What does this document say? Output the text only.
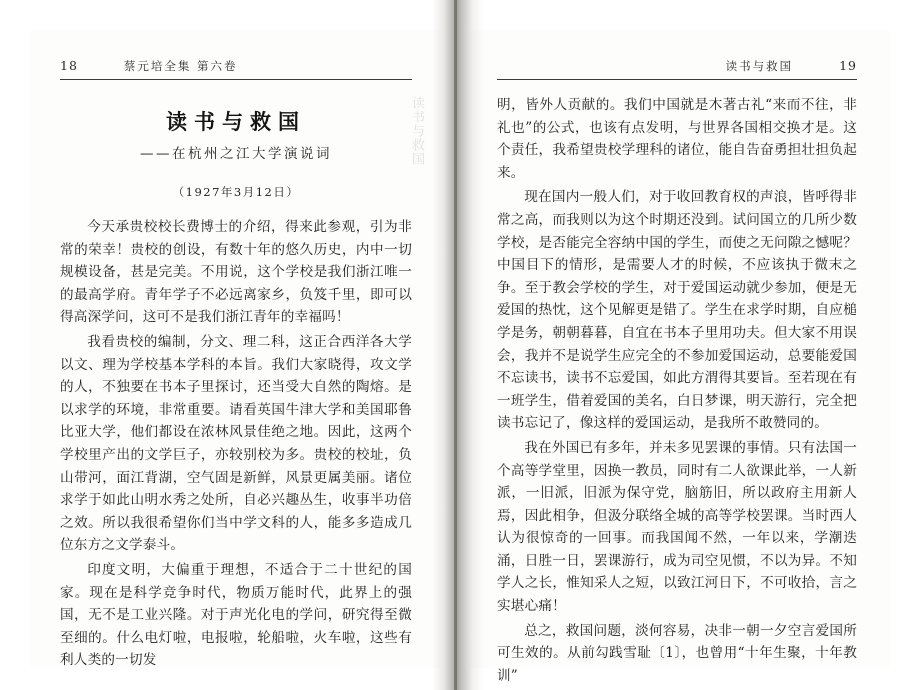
读书与救国
18	蔡元培全集 第六卷
读书与救国
——在杭州之江大学演说词
（1927年3月12日）

今天承贵校校长费博士的介绍，得来此参观，引为非常的荣幸！贵校的创设，有数十年的悠久历史，内中一切规模设备，甚是完美。不用说，这个学校是我们浙江唯一的最高学府。青年学子不必远离家乡，负笈千里，即可以得高深学问，这可不是我们浙江青年的幸福吗！

我看贵校的编制，分文、理二科，这正合西洋各大学以文、理为学校基本学科的本旨。我们大家晓得，攻文学的人，不独要在书本子里探讨，还当受大自然的陶熔。是以求学的环境，非常重要。请看英国牛津大学和美国耶鲁比亚大学，他们都设在浓林风景佳绝之地。因此，这两个学校里产出的文学巨子，亦较别校为多。贵校的校址，负山带河，面江背湖，空气固是新鲜，风景更属美丽。诸位求学于如此山明水秀之处所，自必兴趣丛生，收事半功倍之效。所以我很希望你们当中学文科的人，能多多造成几位东方之文学泰斗。

印度文明，大偏重于理想，不适合于二十世纪的国家。现在是科学竞争时代，物质万能时代，此界上的强国，无不是工业兴隆。对于声光化电的学问，研究得至微至细的。什么电灯啦，电报啦，轮船啦，火车啦，这些有利人类的一切发

读书与救国	19

明，皆外人贡献的。我们中国就是木著古礼“来而不往，非礼也”的公式，也该有点发明，与世界各国相交换才是。这个责任，我希望贵校学理科的诸位，能自告奋勇担壮担负起来。

现在国内一般人们，对于收回教育权的声浪，皆呼得非常之高，而我则以为这个时期还没到。试问国立的几所少数学校，是否能完全容纳中国的学生，而使之无问隙之憾呢？中国目下的情形，是需要人才的时候，不应该执于微末之争。至于教会学校的学生，对于爱国运动就少参加，便是无爱国的热忱，这个见解更是错了。学生在求学时期，自应槌学是务，朝朝暮暮，自宜在书本子里用功夫。但大家不用误会，我并不是说学生应完全的不参加爱国运动，总要能爱国不忘读书，读书不忘爱国，如此方渭得其要旨。至若现在有一班学生，借着爱国的美名，白日梦课，明天游行，完全把读书忘记了，像这样的爱国运动，是我所不敢赞同的。

我在外国已有多年，并未多见罢课的事情。只有法国一个高等学堂里，因换一教员，同时有二人欲课此举，一人新派，一旧派，旧派为保守党，脑筋旧，所以政府主用新人焉，因此相争，但汲分联络全城的高等学校罢课。当时西人认为很惊奇的一回事。而我国闻不然，一年以来，学潮迭涌，日胜一日，罢课游行，成为司空见惯，不以为异。不知学人之长，惟知采人之短，以致江河日下，不可收拾，言之实堪心痛！

总之，救国问题，淡何容易，决非一朝一夕空言爱国所可生效的。从前勾践雪耻〔1〕，也曾用“十年生聚，十年教训”
